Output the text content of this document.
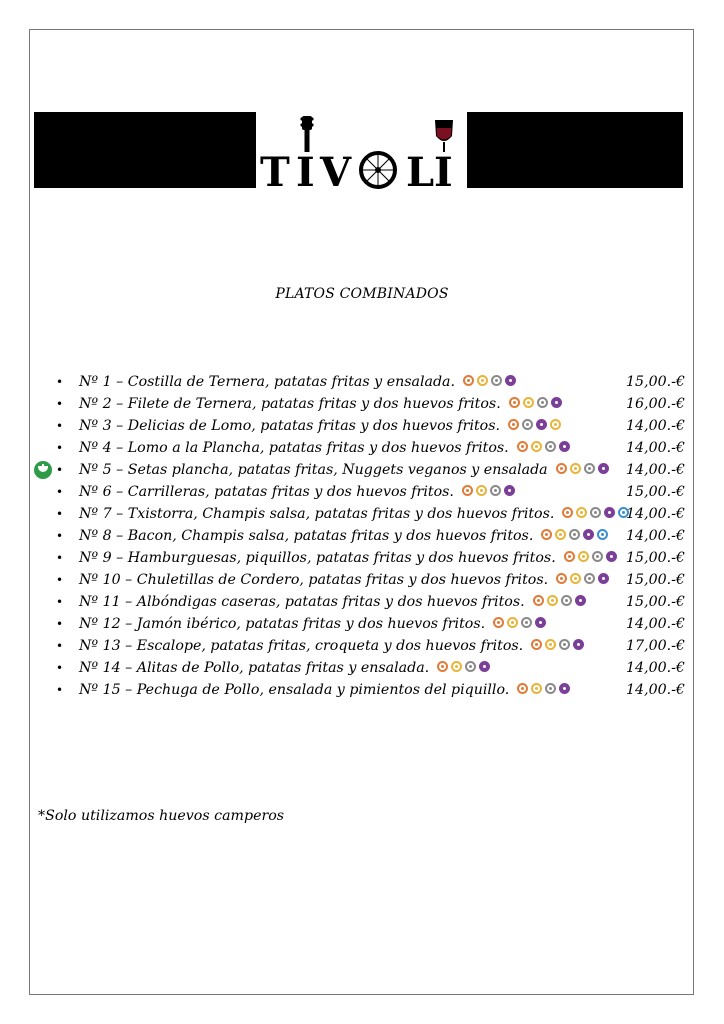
T I V L I
PLATOS COMBINADOS
• Nº 1 – Costilla de Ternera, patatas fritas y ensalada.	15,00.-€
• Nº 2 – Filete de Ternera, patatas fritas y dos huevos fritos.	16,00.-€
• Nº 3 – Delicias de Lomo, patatas fritas y dos huevos fritos.	14,00.-€
• Nº 4 – Lomo a la Plancha, patatas fritas y dos huevos fritos.	14,00.-€
• Nº 5 – Setas plancha, patatas fritas, Nuggets veganos y ensalada	14,00.-€
• Nº 6 – Carrilleras, patatas fritas y dos huevos fritos.	15,00.-€
• Nº 7 – Txistorra, Champis salsa, patatas fritas y dos huevos fritos.	14,00.-€
• Nº 8 – Bacon, Champis salsa, patatas fritas y dos huevos fritos.	14,00.-€
• Nº 9 – Hamburguesas, piquillos, patatas fritas y dos huevos fritos.	15,00.-€
• Nº 10 – Chuletillas de Cordero, patatas fritas y dos huevos fritos.	15,00.-€
• Nº 11 – Albóndigas caseras, patatas fritas y dos huevos fritos.	15,00.-€
• Nº 12 – Jamón ibérico, patatas fritas y dos huevos fritos.	14,00.-€
• Nº 13 – Escalope, patatas fritas, croqueta y dos huevos fritos.	17,00.-€
• Nº 14 – Alitas de Pollo, patatas fritas y ensalada.	14,00.-€
• Nº 15 – Pechuga de Pollo, ensalada y pimientos del piquillo.	14,00.-€
*Solo utilizamos huevos camperos
